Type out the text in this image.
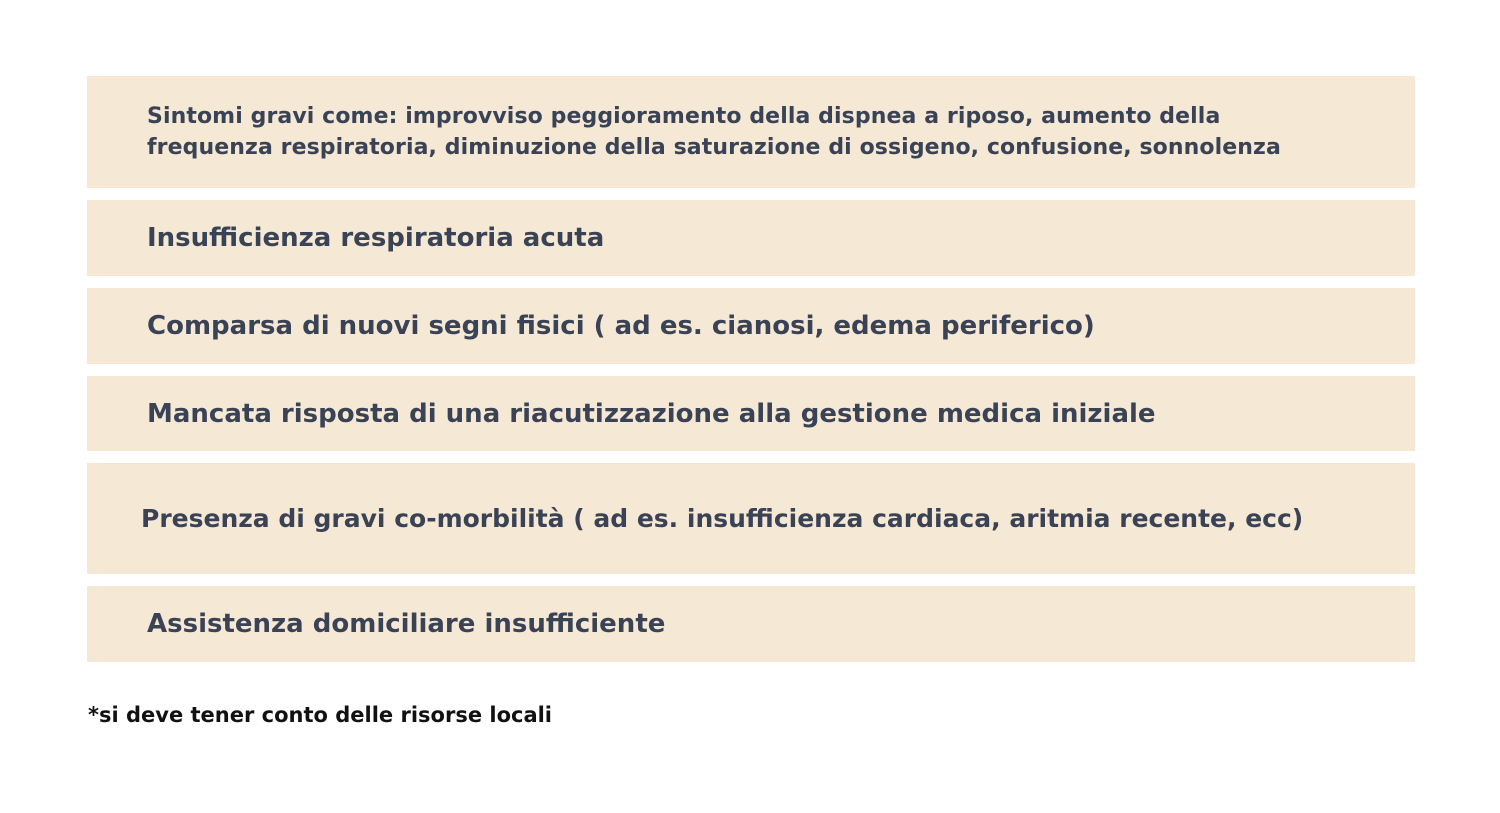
Sintomi gravi come: improvviso peggioramento della dispnea a riposo, aumento della frequenza respiratoria, diminuzione della saturazione di ossigeno, confusione, sonnolenza
Insufficienza respiratoria acuta
Comparsa di nuovi segni fisici ( ad es. cianosi, edema periferico)
Mancata risposta di una riacutizzazione alla gestione medica iniziale
Presenza di gravi co-morbilità ( ad es. insufficienza cardiaca, aritmia recente, ecc)
Assistenza domiciliare insufficiente
*si deve tener conto delle risorse locali
